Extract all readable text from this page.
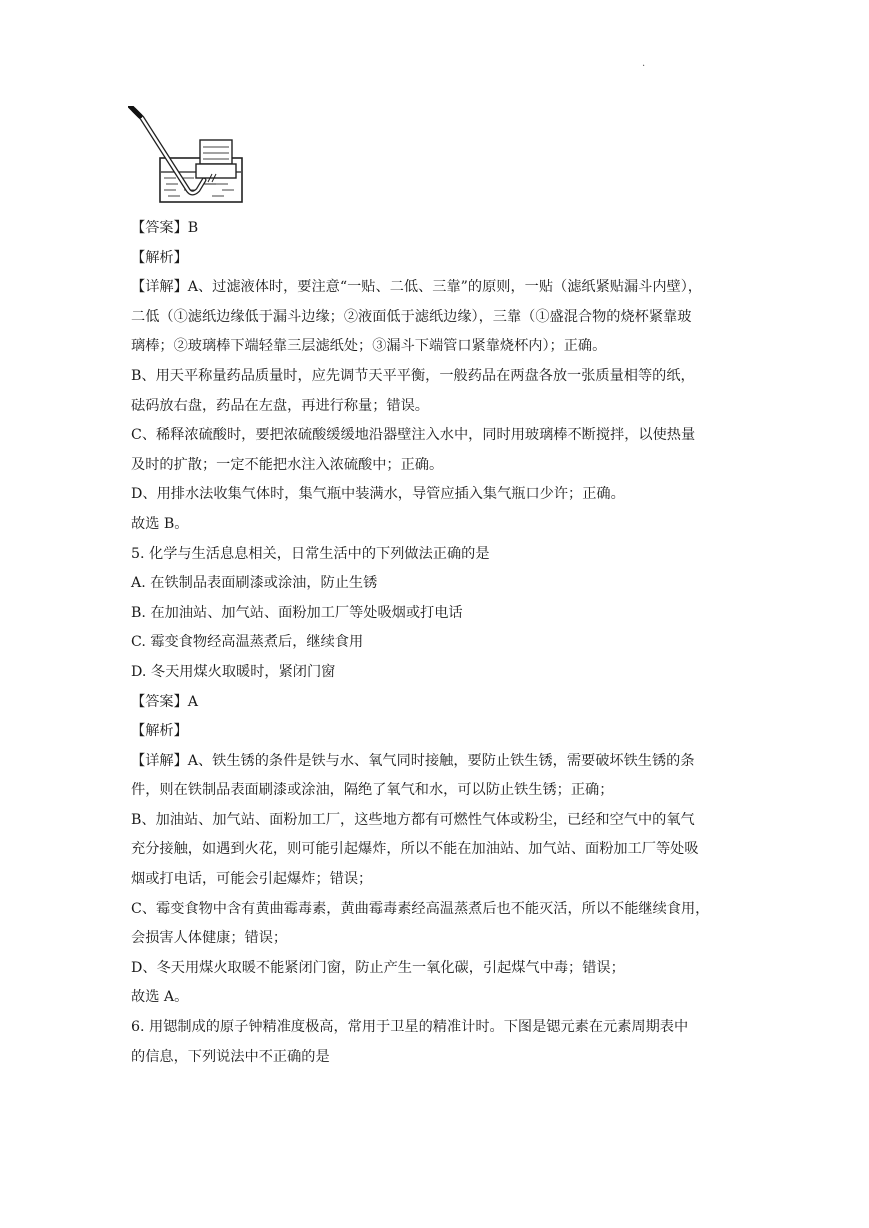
.
【答案】B
【解析】
【详解】A、过滤液体时，要注意“一贴、二低、三靠”的原则，一贴（滤纸紧贴漏斗内壁），
二低（①滤纸边缘低于漏斗边缘；②液面低于滤纸边缘），三靠（①盛混合物的烧杯紧靠玻
璃棒；②玻璃棒下端轻靠三层滤纸处；③漏斗下端管口紧靠烧杯内）；正确。
B、用天平称量药品质量时，应先调节天平平衡，一般药品在两盘各放一张质量相等的纸，
砝码放右盘，药品在左盘，再进行称量；错误。
C、稀释浓硫酸时，要把浓硫酸缓缓地沿器壁注入水中，同时用玻璃棒不断搅拌，以使热量
及时的扩散；一定不能把水注入浓硫酸中；正确。
D、用排水法收集气体时，集气瓶中装满水，导管应插入集气瓶口少许；正确。
故选 B。
5. 化学与生活息息相关，日常生活中的下列做法正确的是
A. 在铁制品表面刷漆或涂油，防止生锈
B. 在加油站、加气站、面粉加工厂等处吸烟或打电话
C. 霉变食物经高温蒸煮后，继续食用
D. 冬天用煤火取暖时，紧闭门窗
【答案】A
【解析】
【详解】A、铁生锈的条件是铁与水、氧气同时接触，要防止铁生锈，需要破坏铁生锈的条
件，则在铁制品表面刷漆或涂油，隔绝了氧气和水，可以防止铁生锈；正确；
B、加油站、加气站、面粉加工厂，这些地方都有可燃性气体或粉尘，已经和空气中的氧气
充分接触，如遇到火花，则可能引起爆炸，所以不能在加油站、加气站、面粉加工厂等处吸
烟或打电话，可能会引起爆炸；错误；
C、霉变食物中含有黄曲霉毒素，黄曲霉毒素经高温蒸煮后也不能灭活，所以不能继续食用，
会损害人体健康；错误；
D、冬天用煤火取暖不能紧闭门窗，防止产生一氧化碳，引起煤气中毒；错误；
故选 A。
6. 用锶制成的原子钟精准度极高，常用于卫星的精准计时。下图是锶元素在元素周期表中
的信息，下列说法中不正确的是
